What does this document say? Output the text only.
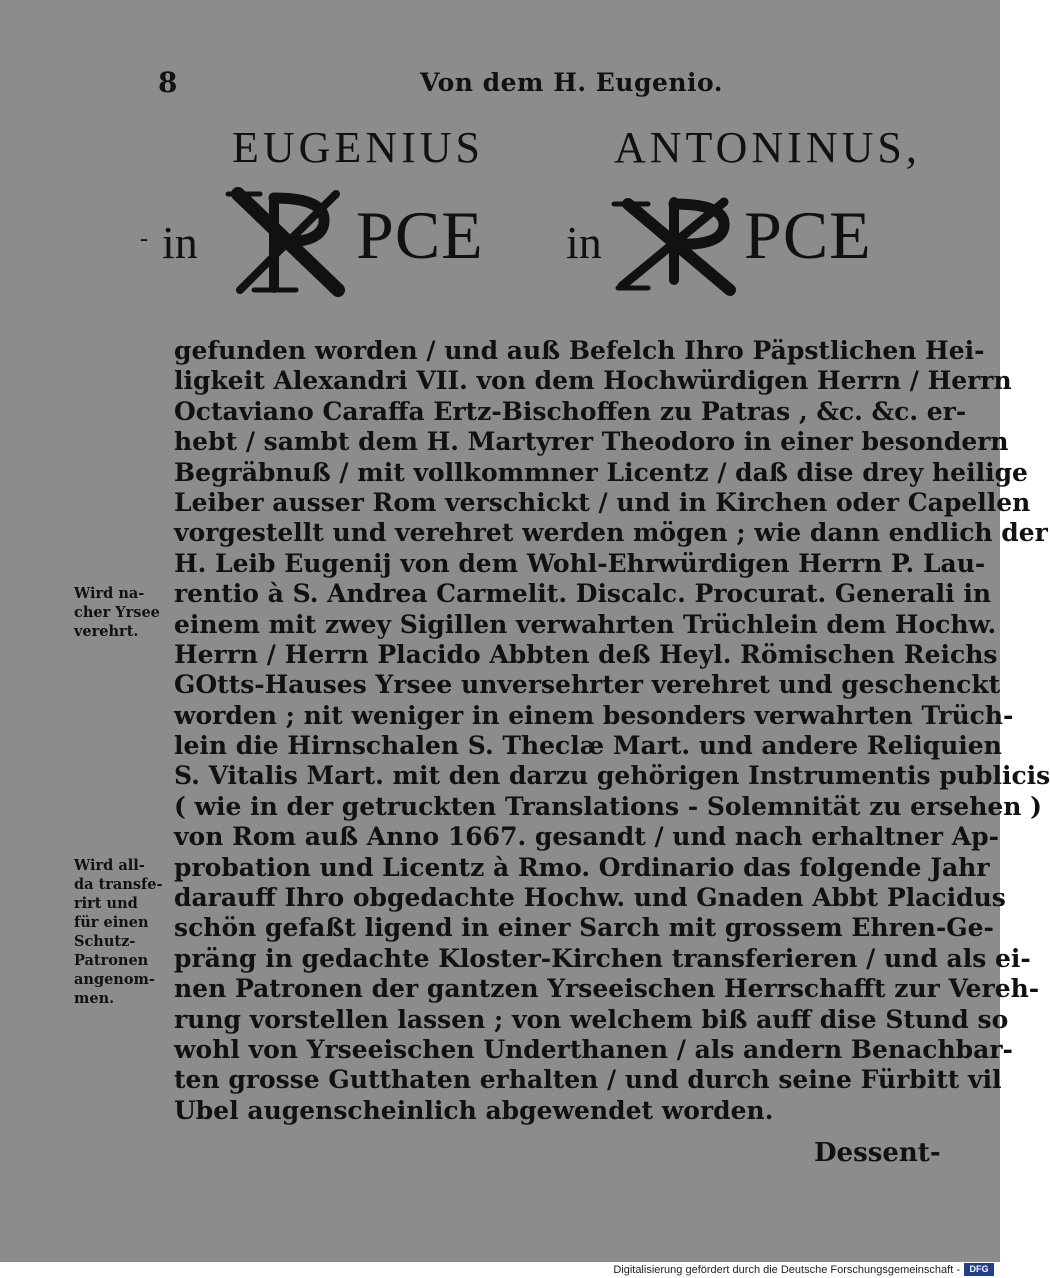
8	Von dem H. Eugenio.
EUGENIUS	ANTONINUS,
- in	in
PCE	PCE
gefunden worden / und auß Befelch Ihro Päpstlichen Hei-
ligkeit Alexandri VII. von dem Hochwürdigen Herrn / Herrn
Octaviano Caraffa Ertz-Bischoffen zu Patras , &c. &c. er-
hebt / sambt dem H. Martyrer Theodoro in einer besondern
Begräbnuß / mit vollkommner Licentz / daß dise drey heilige
Leiber ausser Rom verschickt / und in Kirchen oder Capellen
vorgestellt und verehret werden mögen ; wie dann endlich der
H. Leib Eugenij von dem Wohl-Ehrwürdigen Herrn P. Lau-
rentio à S. Andrea Carmelit. Discalc. Procurat. Generali in
einem mit zwey Sigillen verwahrten Trüchlein dem Hochw.
Herrn / Herrn Placido Abbten deß Heyl. Römischen Reichs
GOtts-Hauses Yrsee unversehrter verehret und geschenckt
worden ; nit weniger in einem besonders verwahrten Trüch-
lein die Hirnschalen S. Theclæ Mart. und andere Reliquien
S. Vitalis Mart. mit den darzu gehörigen Instrumentis publicis
( wie in der getruckten Translations - Solemnität zu ersehen )
von Rom auß Anno 1667. gesandt / und nach erhaltner Ap-
probation und Licentz à Rmo. Ordinario das folgende Jahr
darauff Ihro obgedachte Hochw. und Gnaden Abbt Placidus
schön gefaßt ligend in einer Sarch mit grossem Ehren-Ge-
präng in gedachte Kloster-Kirchen transferieren / und als ei-
nen Patronen der gantzen Yrseeischen Herrschafft zur Vereh-
rung vorstellen lassen ; von welchem biß auff dise Stund so
wohl von Yrseeischen Underthanen / als andern Benachbar-
ten grosse Gutthaten erhalten / und durch seine Fürbitt vil
Ubel augenscheinlich abgewendet worden.
Wird na-
cher Yrsee
verehrt.
Wird all-
da transfe-
rirt und
für einen
Schutz-
Patronen
angenom-
men.
Dessent-
Digitalisierung gefördert durch die Deutsche Forschungsgemeinschaft -	DFG
